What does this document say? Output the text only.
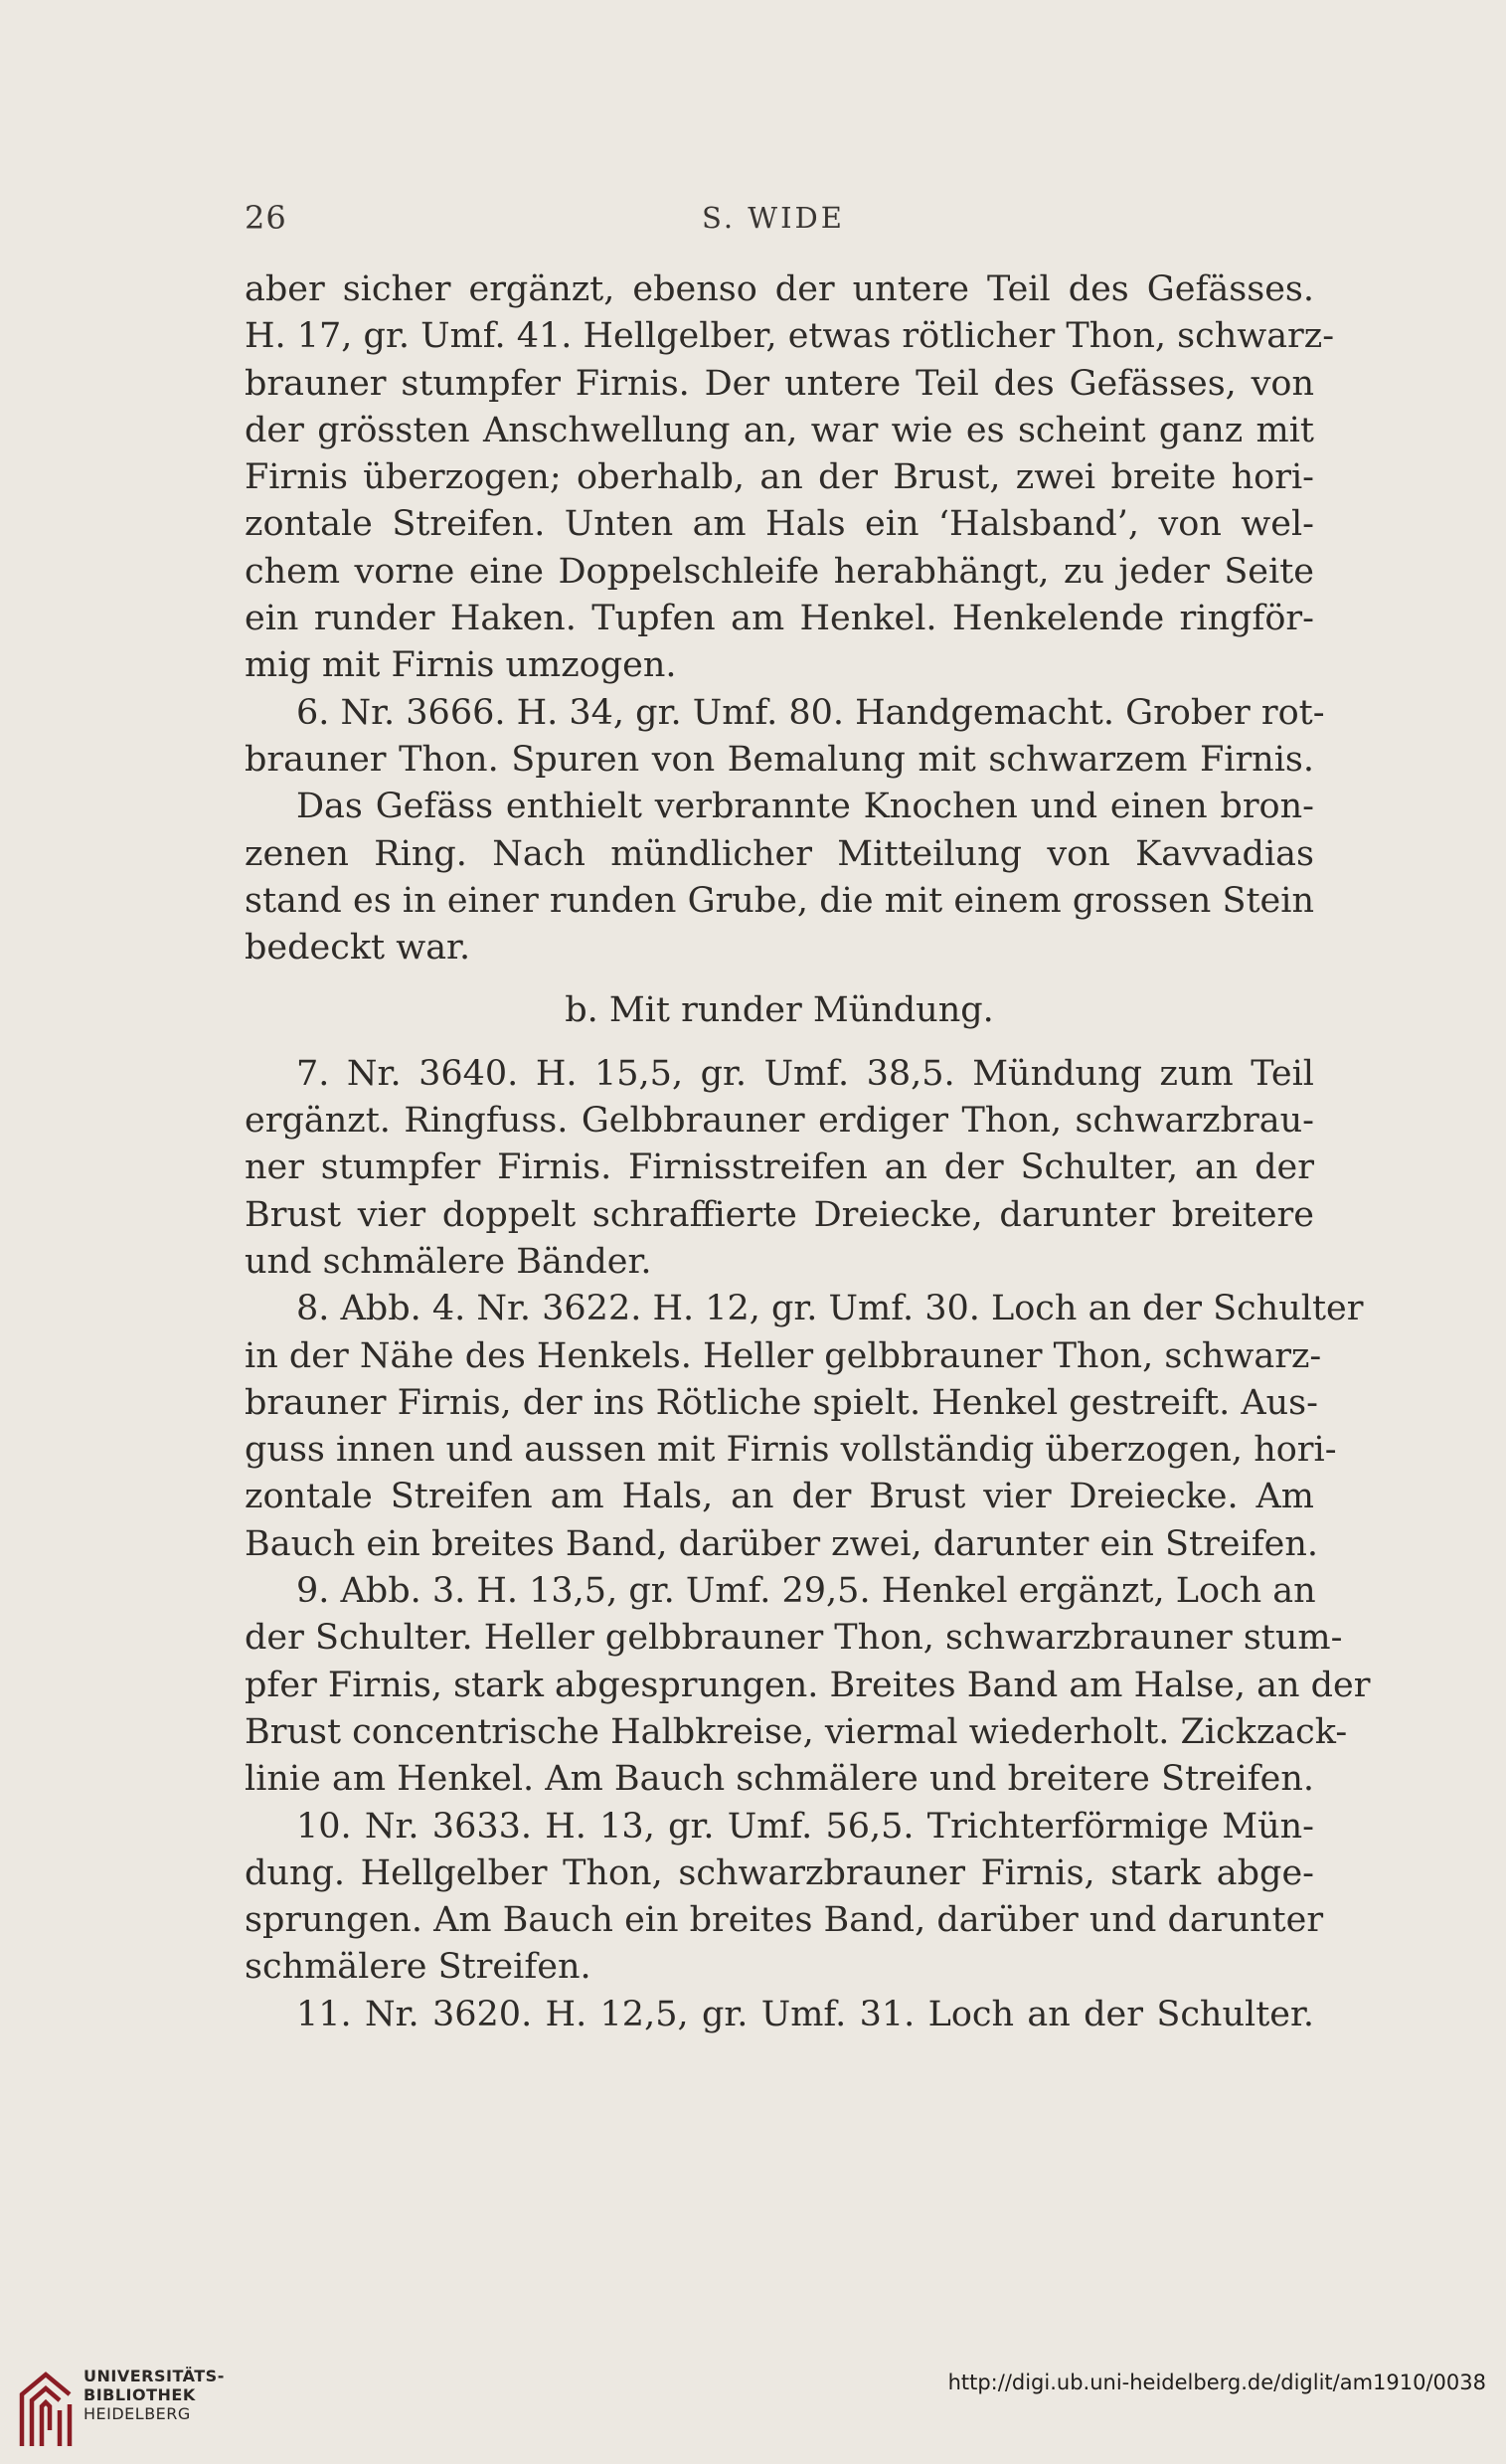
26	S. WIDE
aber sicher ergänzt, ebenso der untere Teil des Gefässes.
H. 17, gr. Umf. 41. Hellgelber, etwas rötlicher Thon, schwarz-
brauner stumpfer Firnis. Der untere Teil des Gefässes, von
der grössten Anschwellung an, war wie es scheint ganz mit
Firnis überzogen; oberhalb, an der Brust, zwei breite hori-
zontale Streifen. Unten am Hals ein ‘Halsband’, von wel-
chem vorne eine Doppelschleife herabhängt, zu jeder Seite
ein runder Haken. Tupfen am Henkel. Henkelende ringför-
mig mit Firnis umzogen.
6. Nr. 3666. H. 34, gr. Umf. 80. Handgemacht. Grober rot-
brauner Thon. Spuren von Bemalung mit schwarzem Firnis.
Das Gefäss enthielt verbrannte Knochen und einen bron-
zenen Ring. Nach mündlicher Mitteilung von Kavvadias
stand es in einer runden Grube, die mit einem grossen Stein
bedeckt war.
b. Mit runder Mündung.
7. Nr. 3640. H. 15,5, gr. Umf. 38,5. Mündung zum Teil
ergänzt. Ringfuss. Gelbbrauner erdiger Thon, schwarzbrau-
ner stumpfer Firnis. Firnisstreifen an der Schulter, an der
Brust vier doppelt schraffierte Dreiecke, darunter breitere
und schmälere Bänder.
8. Abb. 4. Nr. 3622. H. 12, gr. Umf. 30. Loch an der Schulter
in der Nähe des Henkels. Heller gelbbrauner Thon, schwarz-
brauner Firnis, der ins Rötliche spielt. Henkel gestreift. Aus-
guss innen und aussen mit Firnis vollständig überzogen, hori-
zontale Streifen am Hals, an der Brust vier Dreiecke. Am
Bauch ein breites Band, darüber zwei, darunter ein Streifen.
9. Abb. 3. H. 13,5, gr. Umf. 29,5. Henkel ergänzt, Loch an
der Schulter. Heller gelbbrauner Thon, schwarzbrauner stum-
pfer Firnis, stark abgesprungen. Breites Band am Halse, an der
Brust concentrische Halbkreise, viermal wiederholt. Zickzack-
linie am Henkel. Am Bauch schmälere und breitere Streifen.
10. Nr. 3633. H. 13, gr. Umf. 56,5. Trichterförmige Mün-
dung. Hellgelber Thon, schwarzbrauner Firnis, stark abge-
sprungen. Am Bauch ein breites Band, darüber und darunter
schmälere Streifen.
11. Nr. 3620. H. 12,5, gr. Umf. 31. Loch an der Schulter.
UNIVERSITÄTS-
BIBLIOTHEK
HEIDELBERG
http://digi.ub.uni-heidelberg.de/diglit/am1910/0038
